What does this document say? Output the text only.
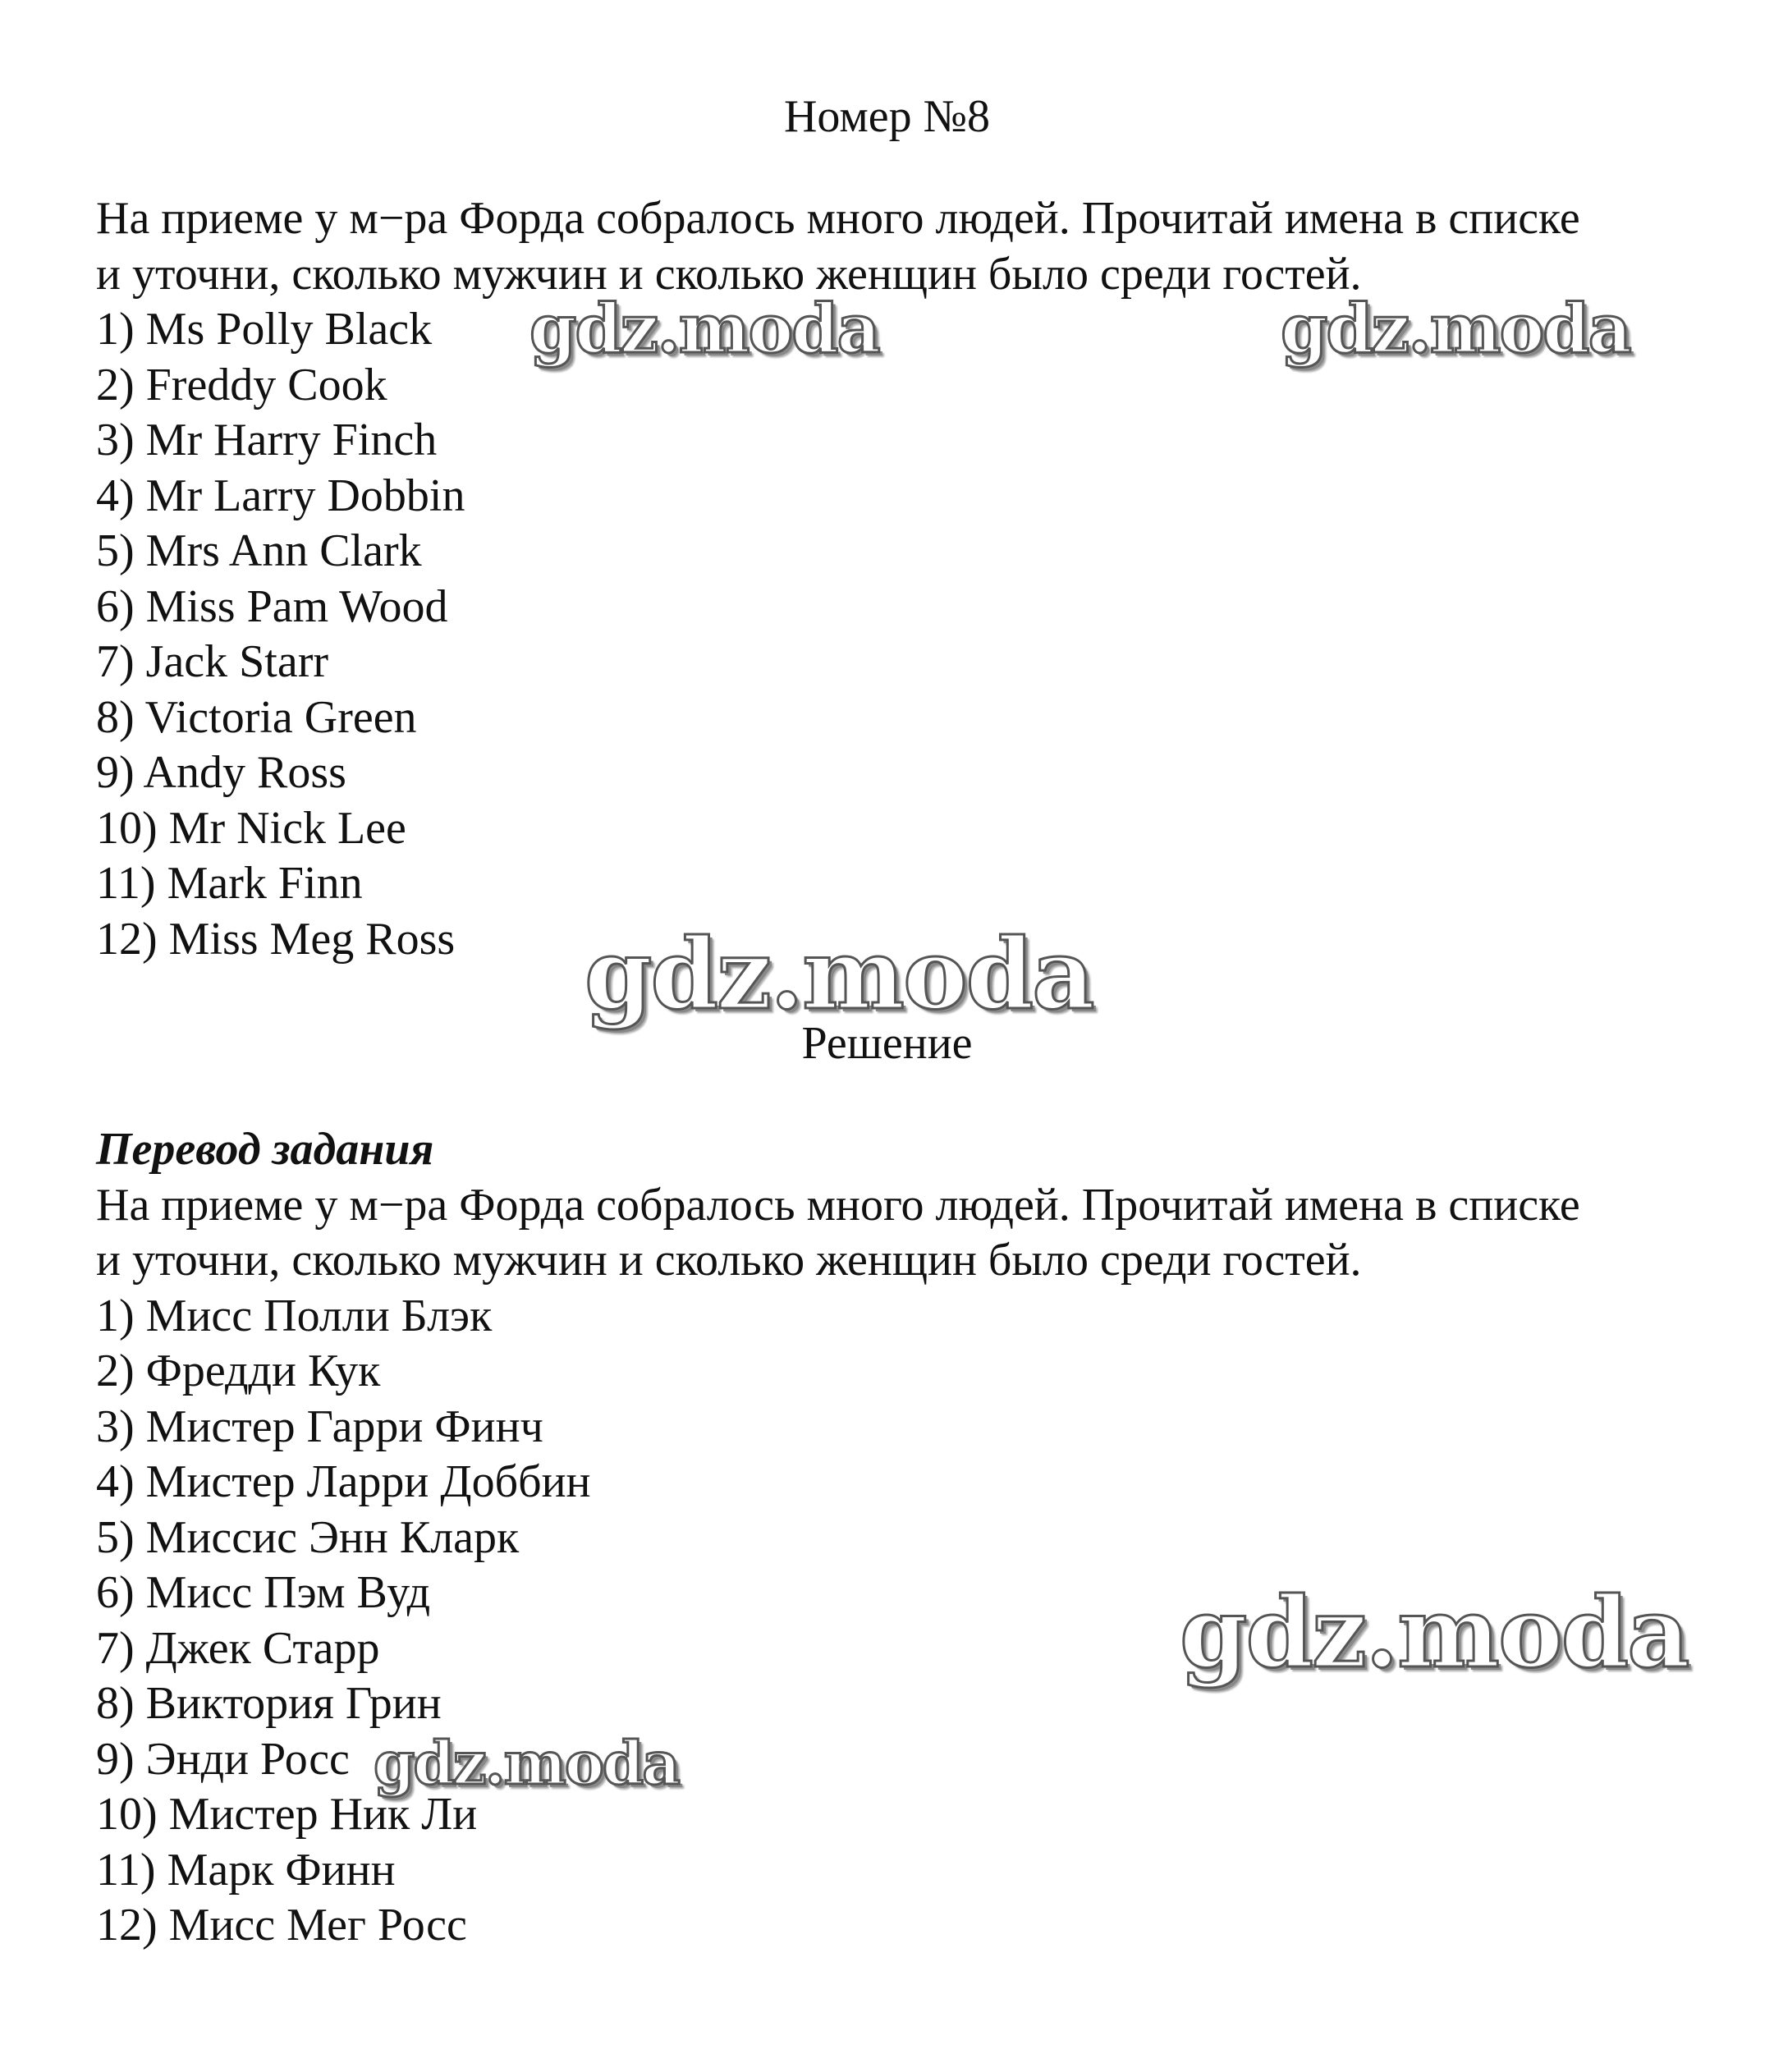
Номер №8

На приеме у м−ра Форда собралось много людей. Прочитай имена в списке

и уточни, сколько мужчин и сколько женщин было среди гостей.

1) Ms Polly Black
2) Freddy Cook
3) Mr Harry Finch
4) Mr Larry Dobbin
5) Mrs Ann Clark
6) Miss Pam Wood
7) Jack Starr
8) Victoria Green
9) Andy Ross
10) Mr Nick Lee
11) Mark Finn
12) Miss Meg Ross
Решение

Перевод задания

На приеме у м−ра Форда собралось много людей. Прочитай имена в списке

и уточни, сколько мужчин и сколько женщин было среди гостей.

1) Мисс Полли Блэк
2) Фредди Кук
3) Мистер Гарри Финч
4) Мистер Ларри Доббин
5) Миссис Энн Кларк
6) Мисс Пэм Вуд
7) Джек Старр
8) Виктория Грин
9) Энди Росс
10) Мистер Ник Ли
11) Марк Финн
12) Мисс Мег Росс
gdz.moda	gdz.moda
gdz.moda
gdz.moda
gdz.moda
